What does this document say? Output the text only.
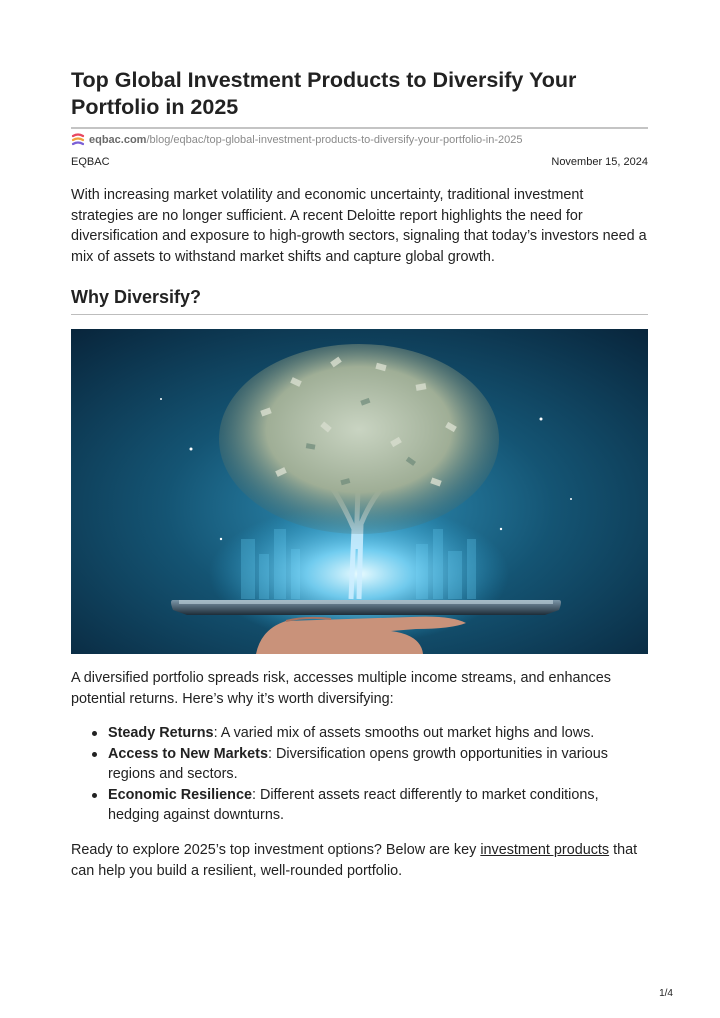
Top Global Investment Products to Diversify Your Portfolio in 2025
eqbac.com /blog/eqbac/top-global-investment-products-to-diversify-your-portfolio-in-2025
EQBAC	November 15, 2024

With increasing market volatility and economic uncertainty, traditional investment strategies are no longer sufficient. A recent Deloitte report highlights the need for diversification and exposure to high-growth sectors, signaling that today’s investors need a mix of assets to withstand market shifts and capture global growth.

Why Diversify?

A diversified portfolio spreads risk, accesses multiple income streams, and enhances potential returns. Here’s why it’s worth diversifying:

Steady Returns: A varied mix of assets smooths out market highs and lows.
Access to New Markets: Diversification opens growth opportunities in various regions and sectors.
Economic Resilience: Different assets react differently to market conditions, hedging against downturns.

Ready to explore 2025’s top investment options? Below are key investment products that can help you build a resilient, well-rounded portfolio.

1/4
